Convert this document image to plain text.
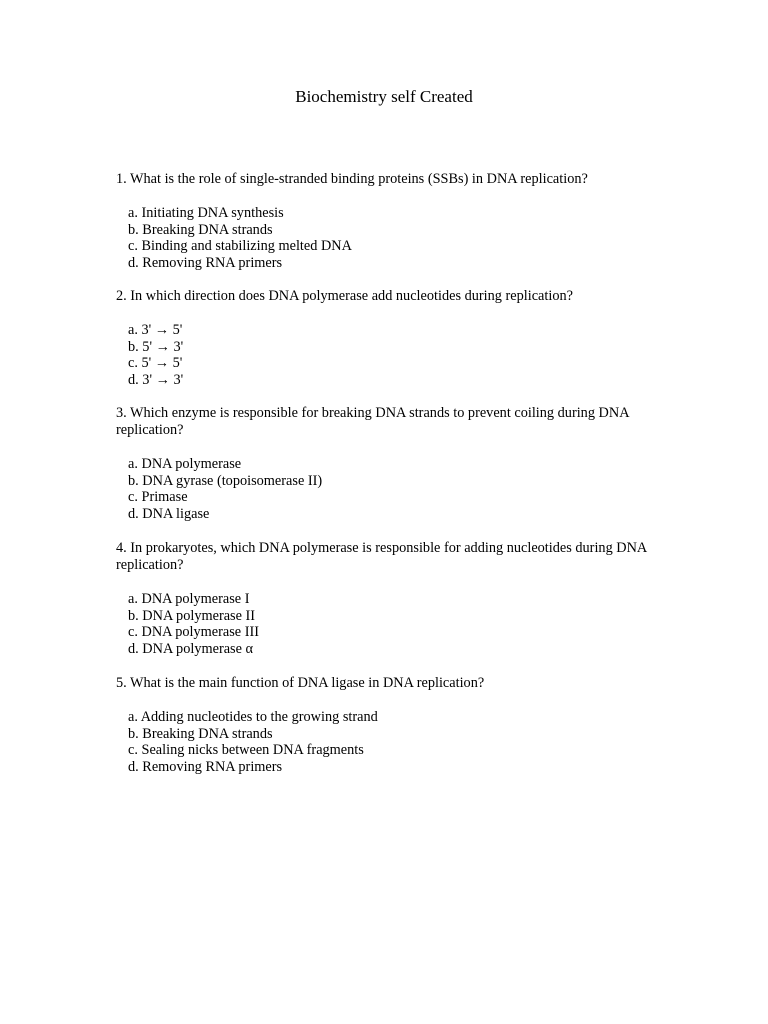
Biochemistry self Created

1. What is the role of single-stranded binding proteins (SSBs) in DNA replication?

a. Initiating DNA synthesis
b. Breaking DNA strands
c. Binding and stabilizing melted DNA
d. Removing RNA primers

2. In which direction does DNA polymerase add nucleotides during replication?

a. 3' → 5'
b. 5' → 3'
c. 5' → 5'
d. 3' → 3'

3. Which enzyme is responsible for breaking DNA strands to prevent coiling during DNA replication?

a. DNA polymerase
b. DNA gyrase (topoisomerase II)
c. Primase
d. DNA ligase

4. In prokaryotes, which DNA polymerase is responsible for adding nucleotides during DNA replication?

a. DNA polymerase I
b. DNA polymerase II
c. DNA polymerase III
d. DNA polymerase α

5. What is the main function of DNA ligase in DNA replication?

a. Adding nucleotides to the growing strand
b. Breaking DNA strands
c. Sealing nicks between DNA fragments
d. Removing RNA primers
